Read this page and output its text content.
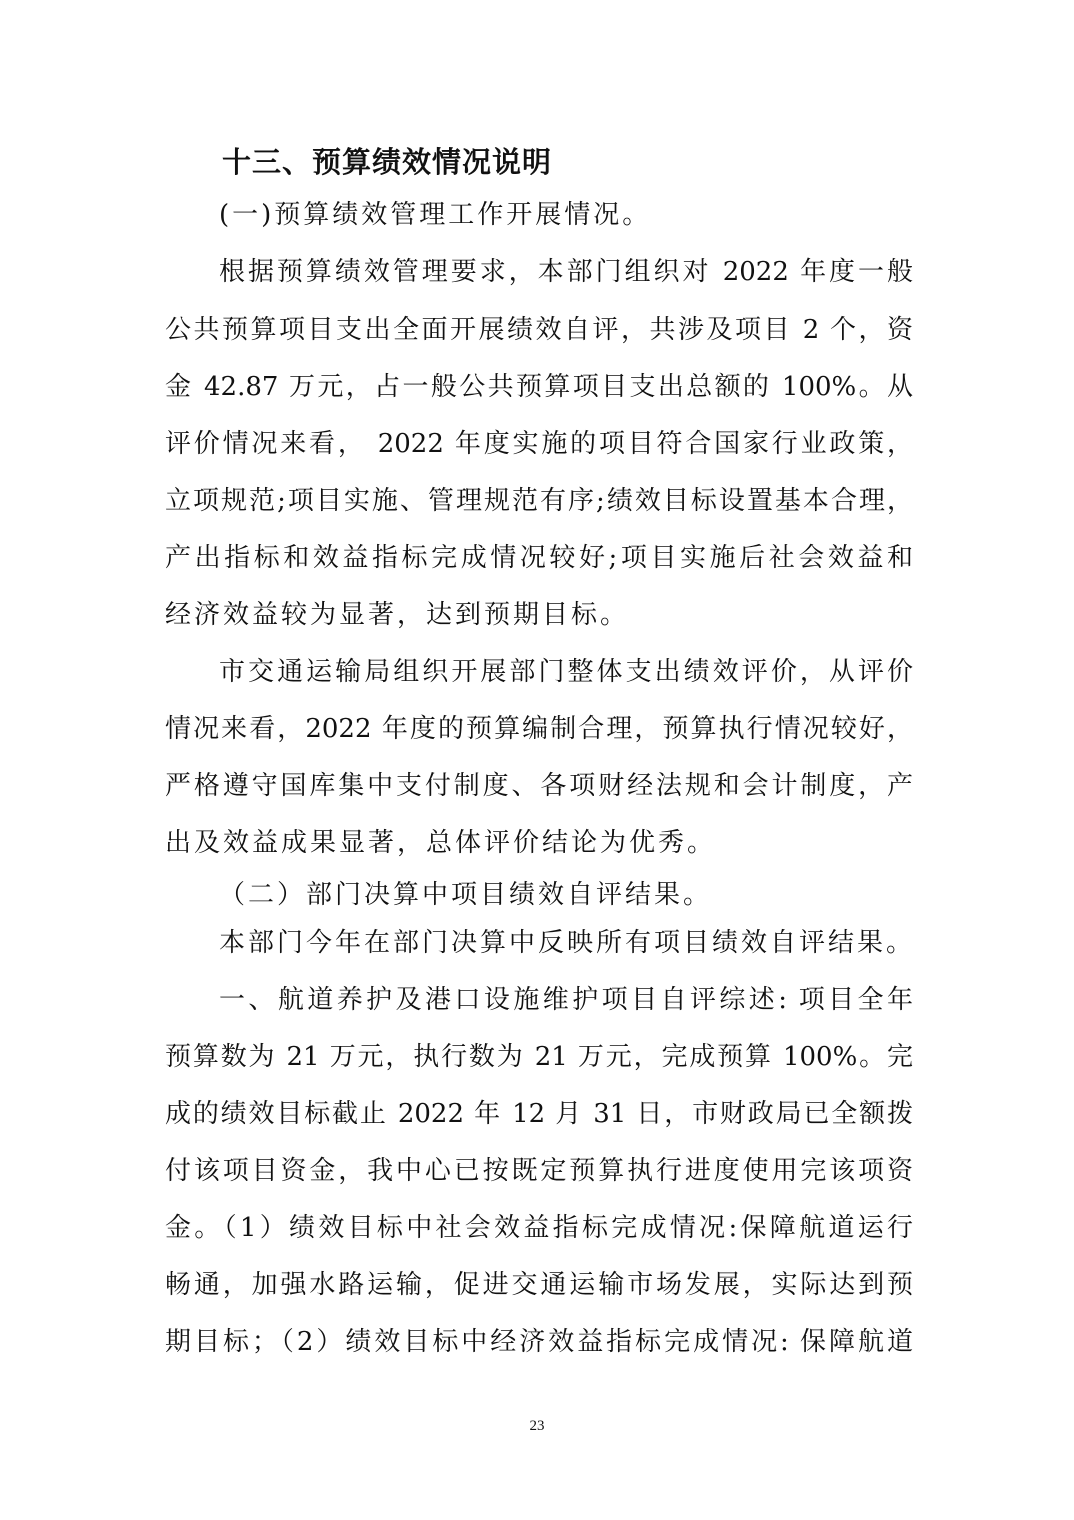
十三、预算绩效情况说明
(一)预算绩效管理工作开展情况。
根据预算绩效管理要求，本部门组织对 2022 年度一般
公共预算项目支出全面开展绩效自评，共涉及项目 2 个，资
金 42.87 万元，占一般公共预算项目支出总额的 100%。从
评价情况来看， 2022 年度实施的项目符合国家行业政策，
立项规范;项目实施、管理规范有序;绩效目标设置基本合理，
产出指标和效益指标完成情况较好;项目实施后社会效益和
经济效益较为显著，达到预期目标。
市交通运输局组织开展部门整体支出绩效评价，从评价
情况来看，2022 年度的预算编制合理，预算执行情况较好，
严格遵守国库集中支付制度、各项财经法规和会计制度，产
出及效益成果显著，总体评价结论为优秀。
（二）部门决算中项目绩效自评结果。
本部门今年在部门决算中反映所有项目绩效自评结果。
一、航道养护及港口设施维护项目自评综述: 项目全年
预算数为 21 万元，执行数为 21 万元，完成预算 100%。完
成的绩效目标截止 2022 年 12 月 31 日，市财政局已全额拨
付该项目资金，我中心已按既定预算执行进度使用完该项资
金。（1）绩效目标中社会效益指标完成情况:保障航道运行
畅通，加强水路运输，促进交通运输市场发展，实际达到预
期目标；（2）绩效目标中经济效益指标完成情况: 保障航道
23
